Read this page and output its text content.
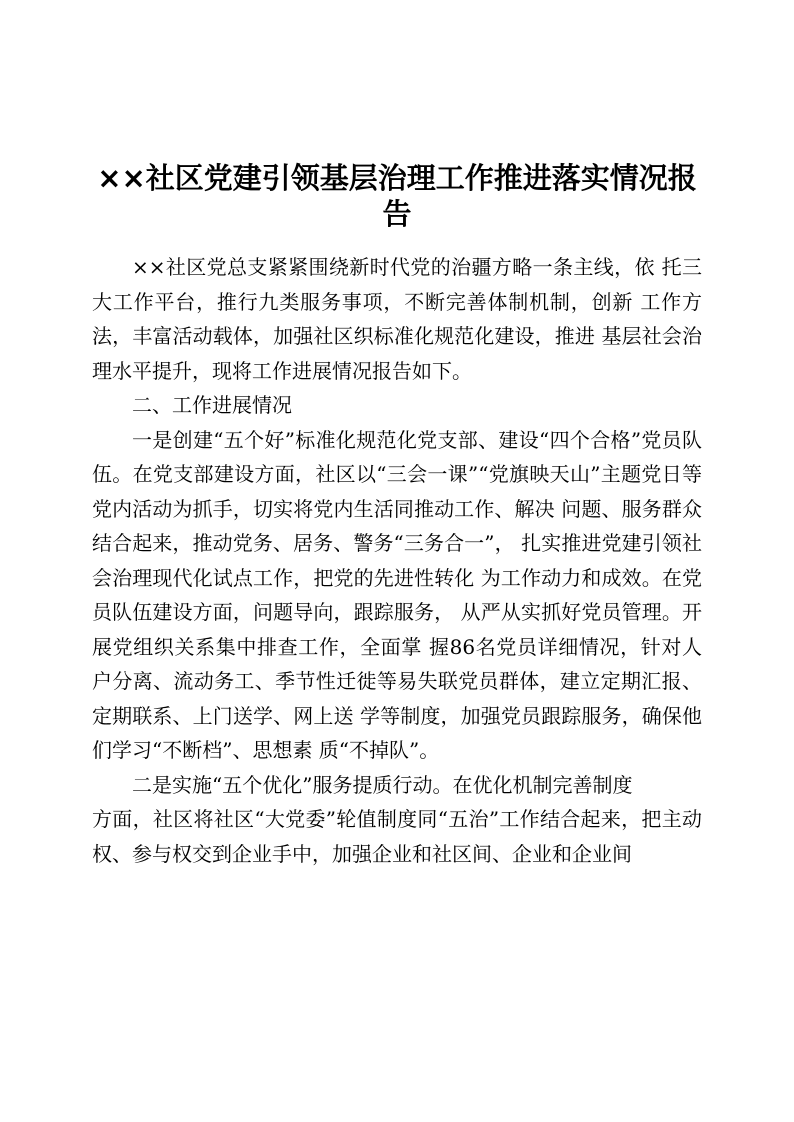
××社区党建引领基层治理工作推进落实情况报告

××社区党总支紧紧围绕新时代党的治疆方略一条主线，依 托三大工作平台，推行九类服务事项，不断完善体制机制，创新 工作方法，丰富活动载体，加强社区织标准化规范化建设，推进 基层社会治理水平提升，现将工作进展情况报告如下。

二、工作进展情况

一是创建“五个好”标准化规范化党支部、建设“四个合格”党员队伍。在党支部建设方面，社区以“三会一课”“党旗映天山”主题党日等党内活动为抓手，切实将党内生活同推动工作、解决 问题、服务群众结合起来，推动党务、居务、警务“三务合一”， 扎实推进党建引领社会治理现代化试点工作，把党的先进性转化 为工作动力和成效。在党员队伍建设方面，问题导向，跟踪服务， 从严从实抓好党员管理。开展党组织关系集中排查工作，全面掌 握86名党员详细情况，针对人户分离、流动务工、季节性迁徙等易失联党员群体，建立定期汇报、定期联系、上门送学、网上送 学等制度，加强党员跟踪服务，确保他们学习“不断档”、思想素 质“不掉队”。

二是实施“五个优化”服务提质行动。在优化机制完善制度

方面，社区将社区“大党委”轮值制度同“五治”工作结合起来，把主动权、参与权交到企业手中，加强企业和社区间、企业和企业间
